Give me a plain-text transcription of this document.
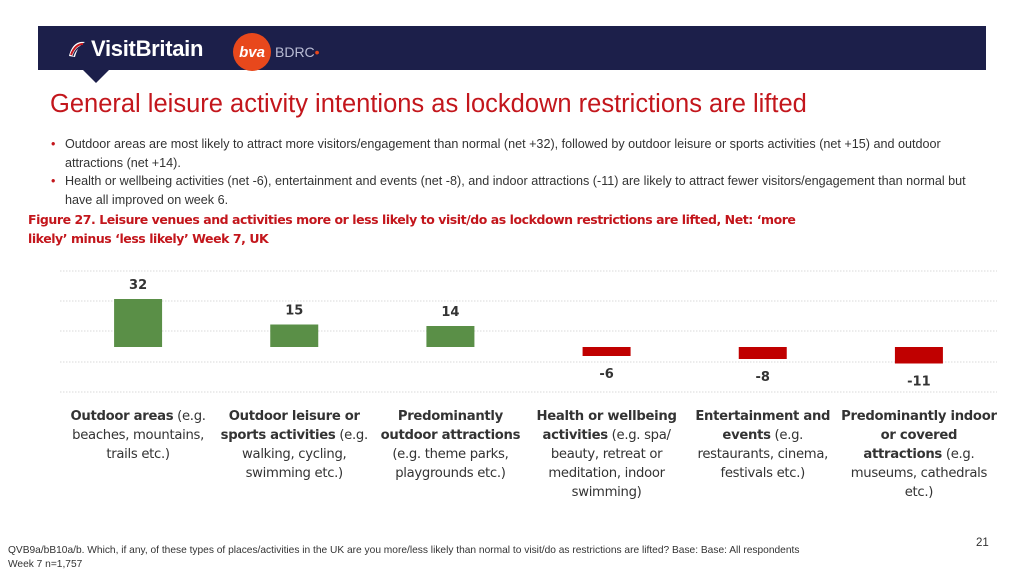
VisitBritain	bva BDRC•
General leisure activity intentions as lockdown restrictions are lifted
• Outdoor areas are most likely to attract more visitors/engagement than normal (net +32), followed by outdoor leisure or sports activities (net +15) and outdoor attractions (net +14).
• Health or wellbeing activities (net -6), entertainment and events (net -8), and indoor attractions (-11) are likely to attract fewer visitors/engagement than normal but have all improved on week 6.
Figure 27. Leisure venues and activities more or less likely to visit/do as lockdown restrictions are lifted, Net: ‘more likely’ minus ‘less likely’ Week 7, UK
32
15	14
-6	-8	-11
Outdoor areas (e.g. beaches, mountains, trails etc.)
Outdoor leisure or sports activities (e.g. walking, cycling, swimming etc.)
Predominantly outdoor attractions (e.g. theme parks, playgrounds etc.)
Health or wellbeing activities (e.g. spa/ beauty, retreat or meditation, indoor swimming)
Entertainment and events (e.g. restaurants, cinema, festivals etc.)
Predominantly indoor or covered attractions (e.g. museums, cathedrals etc.)
QVB9a/bB10a/b. Which, if any, of these types of places/activities in the UK are you more/less likely than normal to visit/do as restrictions are lifted? Base: Base: All respondents Week 7 n=1,757
21
